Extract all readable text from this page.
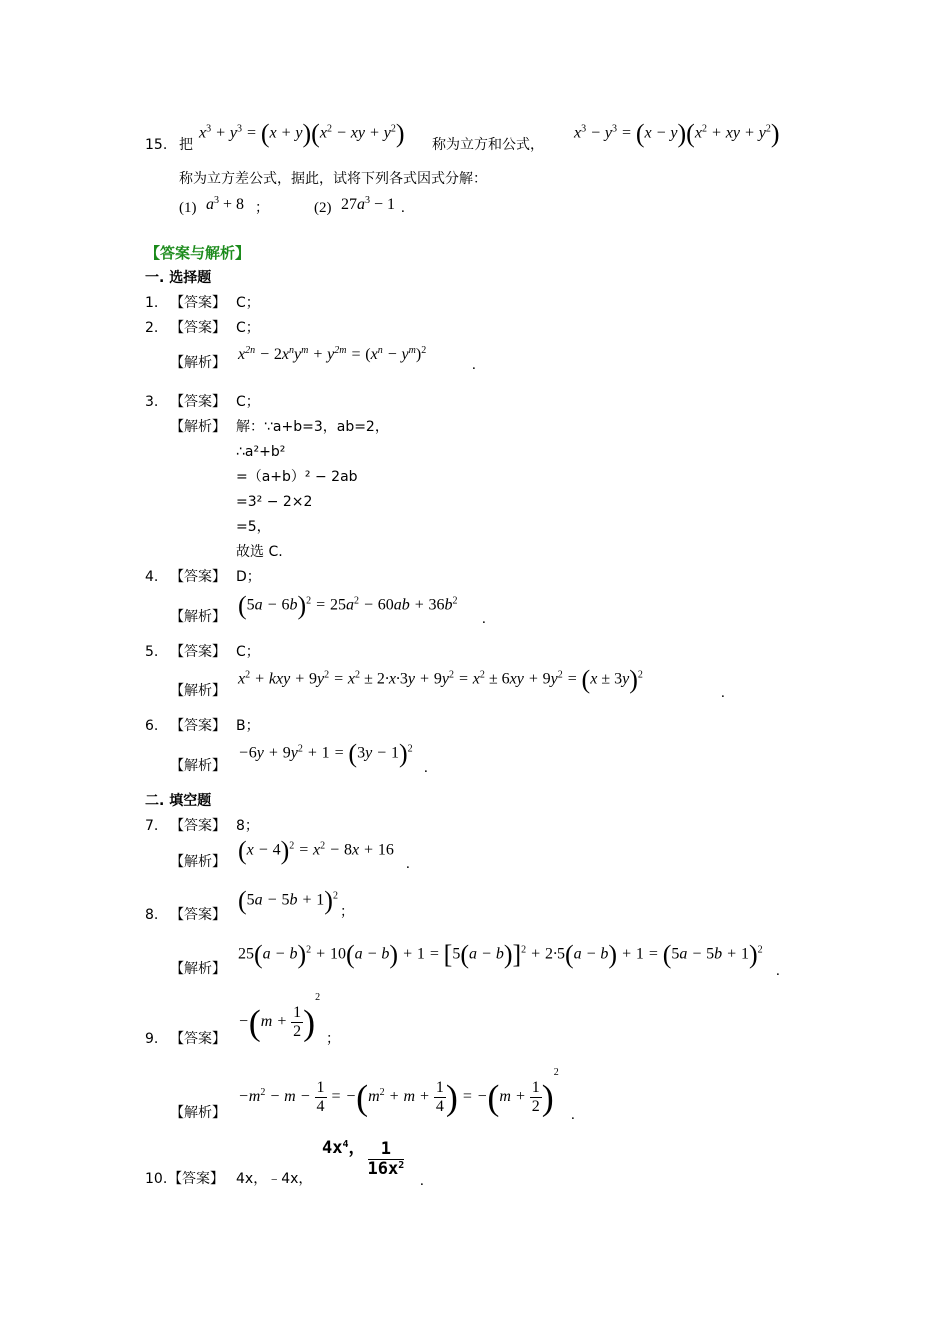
15. 把
$x^3 + y^3 = (x + y)(x^2$ − xy + $y^2$) 称为立方和公式，
$x^3 - y^3 = (x - y)(x^2$ + xy + $y^2$)
称为立方差公式，据此，试将下列各式因式分解：
(1) $a^3 + 8$ ；	(2) $27a^3 - 1$ .
【答案与解析】
一. 选择题
1. 【答案】 C；
2. 【答案】 C；
【解析】 $x^{2n} - 2x^ny^m + y^{2m} = (x^n - y^m)^2$
.
3. 【答案】 C；
【解析】 解：∵a+b=3，ab=2，
∴a²+b²
=（a+b）² − 2ab
=3² − 2×2
=5，
故选 C.
4. 【答案】 D；
【解析】 $(5a - 6b)^2 = 25a^2 - 60ab + 36b^2$
.
5. 【答案】 C；
【解析】
$x^2$ + kxy + $9y^2 = x^2 \pm 2\cdot x\cdot 3y + 9y^2 = x^2 \pm 6xy + 9y^2 = (x \pm 3y)^2$
.
6. 【答案】 B；
【解析】
$-6y + 9y^2 + 1 = (3y - 1)^2$
.
二. 填空题
7. 【答案】 8；
【解析】 $(x - 4)^2 = x^2 - 8x + 16$
.
8. 【答案】 $(5a - 5b + 1)^2$
；
【解析】
$25(a - b)^2 + 10(a - b) + 1 = [5(a - b)]^2 + 2\cdot 5(a - b) + 1 = (5a - 5b + 1)^2$
.
9. 【答案】
$-(m + \frac{1}{2} )^2$
；
【解析】
$-m^2 - m - \frac{1}{4} = -(m^2 + m + \frac{1}{4}$ ) = $-(m + \frac{1}{2} )^2$
.
10. 【答案】 4x，﹣4x，
$4x^4$， $\frac{1}{16x^2}$
.
